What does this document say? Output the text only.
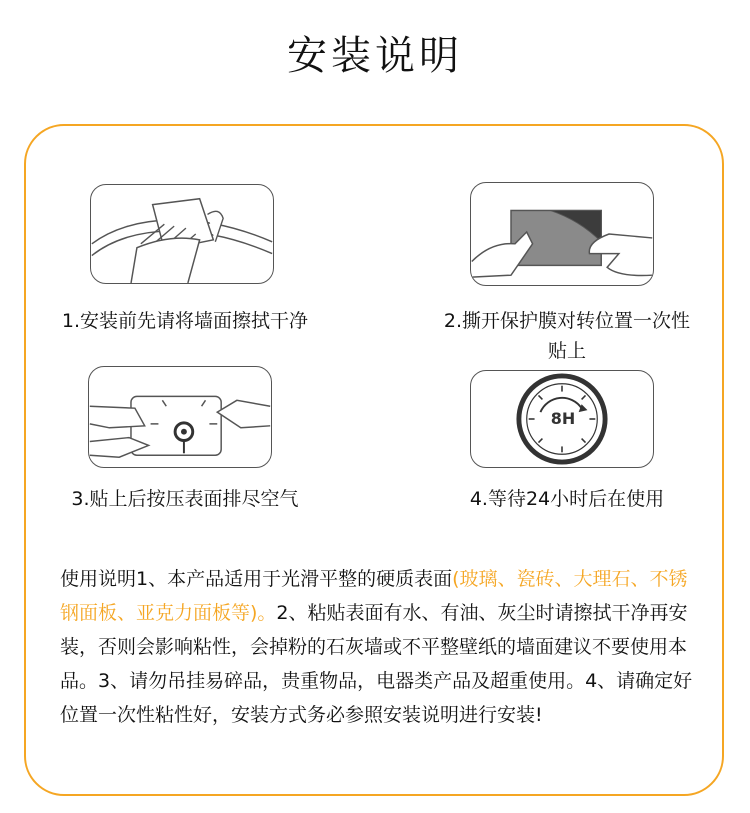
安装说明
1.安装前先请将墙面擦拭干净	2.撕开保护膜对转位置一次性
贴上
3.贴上后按压表面排尽空气
8H
4.等待24小时后在使用
使用说明1、本产品适用于光滑平整的硬质表面(玻璃、瓷砖、大理石、不锈钢面板、亚克力面板等)。2、粘贴表面有水、有油、灰尘时请擦拭干净再安装，否则会影响粘性，会掉粉的石灰墙或不平整壁纸的墙面建议不要使用本品。3、请勿吊挂易碎品，贵重物品，电器类产品及超重使用。4、请确定好位置一次性粘性好，安装方式务必参照安装说明进行安装!
